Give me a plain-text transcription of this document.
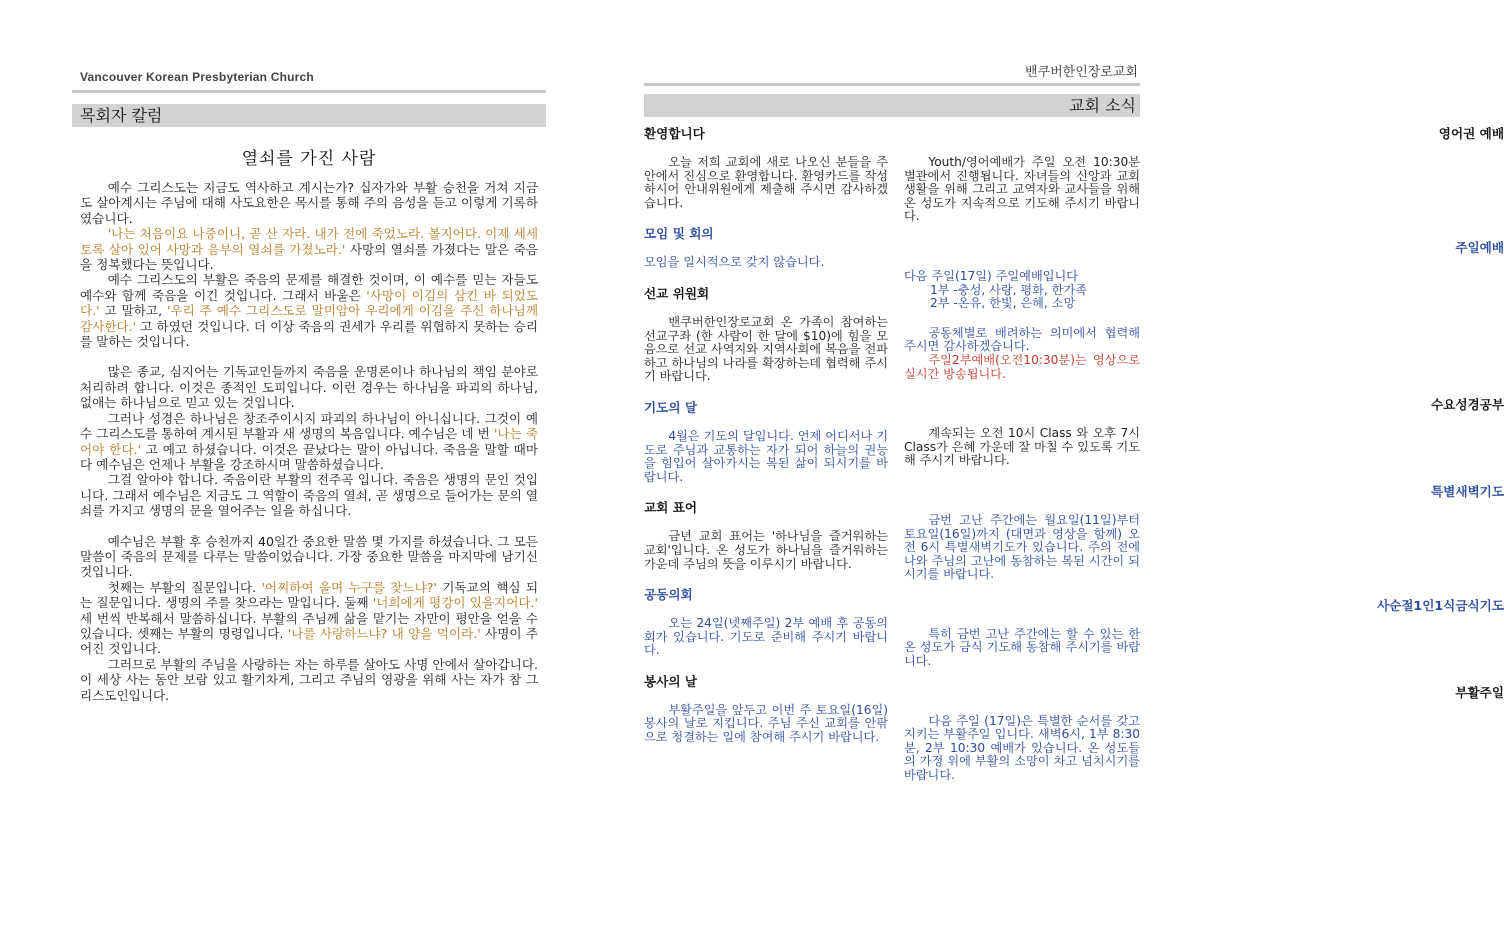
Vancouver Korean Presbyterian Church
목회자 칼럼
열쇠를 가진 사람

예수 그리스도는 지금도 역사하고 계시는가? 십자가와 부활 승천을 거쳐 지금도 살아계시는 주님에 대해 사도요한은 목시를 통해 주의 음성을 듣고 이렇게 기록하였습니다.

'나는 처음이요 나중이니, 곧 산 자라. 내가 전에 죽었노라. 볼지어다. 이제 세세토록 살아 있어 사망과 음부의 열쇠를 가졌노라.' 사망의 열쇠를 가졌다는 말은 죽음을 정복했다는 뜻입니다.

예수 그리스도의 부활은 죽음의 문제를 해결한 것이며, 이 예수를 믿는 자들도 예수와 함께 죽음을 이긴 것입니다. 그래서 바울은 '사망이 이김의 삼킨 바 되었도다.' 고 말하고, '우리 주 예수 그리스도로 말미암아 우리에게 이김을 주신 하나님께 감사한다.' 고 하였던 것입니다. 더 이상 죽음의 권세가 우리를 위협하지 못하는 승리를 말하는 것입니다.

많은 종교, 심지어는 기독교인들까지 죽음을 운명론이나 하나님의 책임 분야로 처리하려 합니다. 이것은 종적인 도피입니다. 이런 경우는 하나님을 파괴의 하나님, 없애는 하나님으로 믿고 있는 것입니다.

그러나 성경은 하나님은 창조주이시지 파괴의 하나님이 아니십니다. 그것이 예수 그리스도를 통하여 계시된 부활과 새 생명의 복음입니다. 예수님은 네 번 '나는 죽어야 한다.' 고 예고 하셨습니다. 이것은 끝났다는 말이 아닙니다. 죽음을 말할 때마다 예수님은 언제나 부활을 강조하시며 말씀하셨습니다.

그걸 알아야 합니다. 죽음이란 부활의 전주곡 입니다. 죽음은 생명의 문인 것입니다. 그래서 예수님은 지금도 그 역할이 죽음의 열쇠, 곧 생명으로 들어가는 문의 열쇠를 가지고 생명의 문을 열어주는 일을 하십니다.

예수님은 부활 후 승천까지 40일간 중요한 말씀 몇 가지를 하셨습니다. 그 모든 말씀이 죽음의 문제를 다루는 말씀이었습니다. 가장 중요한 말씀을 마지막에 남기신 것입니다.

첫째는 부활의 질문입니다. '어찌하여 울며 누구를 찾느냐?' 기독교의 핵심 되는 질문입니다. 생명의 주를 찾으라는 말입니다. 둘째 '너희에게 평강이 있을지어다.' 세 번씩 반복해서 말씀하십니다. 부활의 주님께 삶을 맡기는 자만이 평안을 얻을 수 있습니다. 셋째는 부활의 명령입니다. '나를 사랑하느냐? 내 양을 먹이라.' 사명이 주어진 것입니다.

그러므로 부활의 주님을 사랑하는 자는 하루를 살아도 사명 안에서 살아갑니다. 이 세상 사는 동안 보람 있고 활기차게, 그리고 주님의 영광을 위해 사는 자가 참 그리스도인입니다.

밴쿠버한인장로교회
교회 소식
환영합니다
오늘 저희 교회에 새로 나오신 분들을 주 안에서 진심으로 환영합니다. 환영카드를 작성하시어 안내위원에게 제출해 주시면 감사하겠습니다.
모임 및 회의
모임을 일시적으로 갖지 않습니다.
선교 위원회
밴쿠버한인장로교회 온 가족이 참여하는 선교구좌 (한 사람이 한 달에 $10)에 힘을 모음으로 선교 사역지와 지역사회에 복음을 전파하고 하나님의 나라를 확장하는데 협력해 주시기 바랍니다.
기도의 달
4월은 기도의 달입니다. 언제 어디서나 기도로 주님과 교통하는 자가 되어 하늘의 권능을 힘입어 살아가시는 복된 삶이 되시기를 바랍니다.
교회 표어
금년 교회 표어는 '하나님을 즐거워하는 교회'입니다. 온 성도가 하나님을 즐거워하는 가운데 주님의 뜻을 이루시기 바랍니다.
공동의회
오는 24일(넷째주일) 2부 예배 후 공동의회가 있습니다. 기도로 준비해 주시기 바랍니다.
봉사의 날
부활주일을 앞두고 이번 주 토요일(16일) 봉사의 날로 지킵니다. 주님 주신 교회를 안팎으로 청결하는 일에 참여해 주시기 바랍니다.
영어권 예배
Youth/영어예배가 주일 오전 10:30분 별관에서 진행됩니다. 자녀들의 신앙과 교회생활을 위해 그리고 교역자와 교사들을 위해 온 성도가 지속적으로 기도해 주시기 바랍니다.
주일예배
다음 주일(17일) 주일예배입니다
1부 -충성, 사랑, 평화, 한가족
2부 -온유, 한빛, 은혜, 소망
공동체별로 배려하는 의미에서 협력해 주시면 감사하겠습니다.
주일2부예배(오전10:30분)는 영상으로 실시간 방송됩니다.
수요성경공부
계속되는 오전 10시 Class 와 오후 7시 Class가 은혜 가운데 잘 마칠 수 있도록 기도해 주시기 바랍니다.
특별새벽기도
금번 고난 주간에는 월요일(11일)부터 토요일(16일)까지 (대면과 영상을 함께) 오전 6시 특별새벽기도가 있습니다. 주의 전에 나와 주님의 고난에 동참하는 복된 시간이 되시기를 바랍니다.
사순절1인1식금식기도
특히 금번 고난 주간에는 할 수 있는 한 온 성도가 금식 기도해 동참해 주시기를 바랍니다.
부활주일
다음 주일 (17일)은 특별한 순서를 갖고 지키는 부활주일 입니다. 새벽6시, 1부 8:30분, 2부 10:30 예배가 있습니다. 온 성도들의 가정 위에 부활의 소망이 차고 넘치시기를 바랍니다.
